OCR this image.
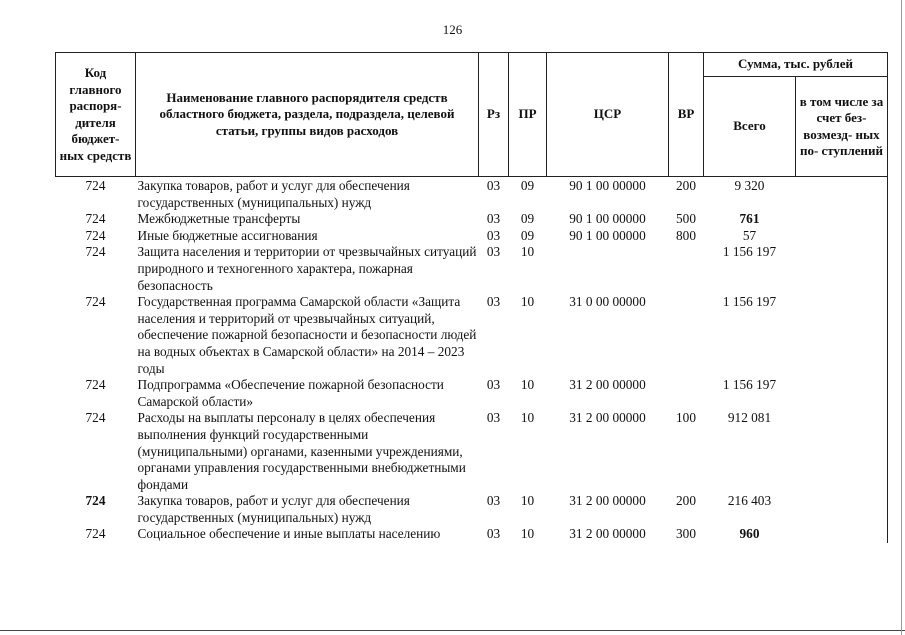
126
Код главного распоря- дителя бюджет- ных средств	Наименование главного распорядителя средств областного бюджета, раздела, подраздела, целевой статьи, группы видов расходов	Рз	ПР	ЦСР	ВР	Сумма, тыс. рублей	
						Всего	в том числе за счет без- возмезд- ных по- ступлений
724	Закупка товаров, работ и услуг для обеспечения государственных (муниципальных) нужд	03	09	90 1 00 00000	200	9 320	
724	Межбюджетные трансферты	03	09	90 1 00 00000	500	761	
724	Иные бюджетные ассигнования	03	09	90 1 00 00000	800	57	
724	Защита населения и территории от чрезвычайных ситуаций природного и техногенного характера, пожарная безопасность	03	10			1 156 197	
724	Государственная программа Самарской области «Защита населения и территорий от чрезвычайных ситуаций, обеспечение пожарной безопасности и безопасности людей на водных объектах в Самарской области» на 2014 – 2023 годы	03	10	31 0 00 00000		1 156 197	
724	Подпрограмма «Обеспечение пожарной безопасности Самарской области»	03	10	31 2 00 00000		1 156 197	
724	Расходы на выплаты персоналу в целях обеспечения выполнения функций государственными (муниципальными) органами, казенными учреждениями, органами управления государственными внебюджетными фондами	03	10	31 2 00 00000	100	912 081	
724	Закупка товаров, работ и услуг для обеспечения государственных (муниципальных) нужд	03	10	31 2 00 00000	200	216 403	
724	Социальное обеспечение и иные выплаты населению	03	10	31 2 00 00000	300	960	
